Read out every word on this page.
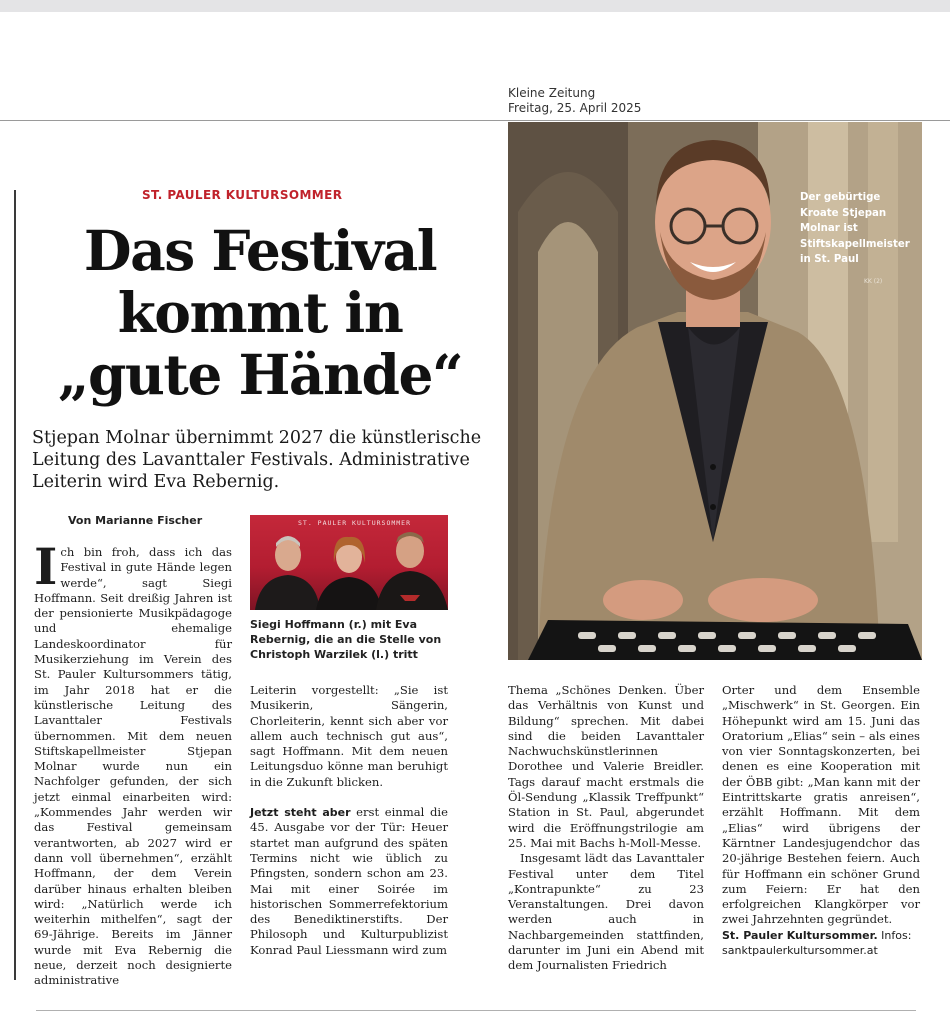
Kleine Zeitung
Freitag, 25. April 2025
ST. PAULER KULTURSOMMER
Das Festival
kommt in
„gute Hände“
Stjepan Molnar übernimmt 2027 die künstlerische Leitung des Lavanttaler Festivals. Administrative Leiterin wird Eva Rebernig.
Von Marianne Fischer

Ich bin froh, dass ich das Festival in gute Hände legen werde“, sagt Siegi Hoffmann. Seit dreißig Jahren ist der pensionierte Musikpädagoge und ehemalige Landeskoordinator für Musikerziehung im Verein des St. Pauler Kultursommers tätig, im Jahr 2018 hat er die künstlerische Leitung des Lavanttaler Festivals übernommen. Mit dem neuen Stiftskapellmeister Stjepan Molnar wurde nun ein Nachfolger gefunden, der sich jetzt einmal einarbeiten wird: „Kommendes Jahr werden wir das Festival gemeinsam verantworten, ab 2027 wird er dann voll übernehmen“, erzählt Hoffmann, der dem Verein darüber hinaus erhalten bleiben wird: „Natürlich werde ich weiterhin mithelfen“, sagt der 69-Jährige. Bereits im Jänner wurde mit Eva Rebernig die neue, derzeit noch designierte administrative

ST. PAULER KULTURSOMMER
Siegi Hoffmann (r.) mit Eva Rebernig, die an die Stelle von Christoph Warzilek (l.) tritt

Leiterin vorgestellt: „Sie ist Musikerin, Sängerin, Chorleiterin, kennt sich aber vor allem auch technisch gut aus“, sagt Hoffmann. Mit dem neuen Leitungsduo könne man beruhigt in die Zukunft blicken.

Jetzt steht aber erst einmal die 45. Ausgabe vor der Tür: Heuer startet man aufgrund des späten Termins nicht wie üblich zu Pfingsten, sondern schon am 23. Mai mit einer Soirée im historischen Sommerrefektorium des Benediktinerstifts. Der Philosoph und Kulturpublizist Konrad Paul Liessmann wird zum

Thema „Schönes Denken. Über das Verhältnis von Kunst und Bildung“ sprechen. Mit dabei sind die beiden Lavanttaler Nachwuchskünstlerinnen Dorothee und Valerie Breidler. Tags darauf macht erstmals die Öl-Sendung „Klassik Treffpunkt“ Station in St. Paul, abgerundet wird die Eröffnungstrilogie am 25. Mai mit Bachs h-Moll-Messe.

Insgesamt lädt das Lavanttaler Festival unter dem Titel „Kontrapunkte“ zu 23 Veranstaltungen. Drei davon werden auch in Nachbargemeinden stattfinden, darunter im Juni ein Abend mit dem Journalisten Friedrich

Orter und dem Ensemble „Mischwerk“ in St. Georgen. Ein Höhepunkt wird am 15. Juni das Oratorium „Elias“ sein – als eines von vier Sonntagskonzerten, bei denen es eine Kooperation mit der ÖBB gibt: „Man kann mit der Eintrittskarte gratis anreisen“, erzählt Hoffmann. Mit dem „Elias“ wird übrigens der Kärntner Landesjugendchor das 20-jährige Bestehen feiern. Auch für Hoffmann ein schöner Grund zum Feiern: Er hat den erfolgreichen Klangkörper vor zwei Jahrzehnten gegründet.

St. Pauler Kultursommer. Infos: sanktpaulerkultursommer.at

Der gebürtige Kroate Stjepan Molnar ist Stiftskapellmeister in St. Paul
KK (2)
